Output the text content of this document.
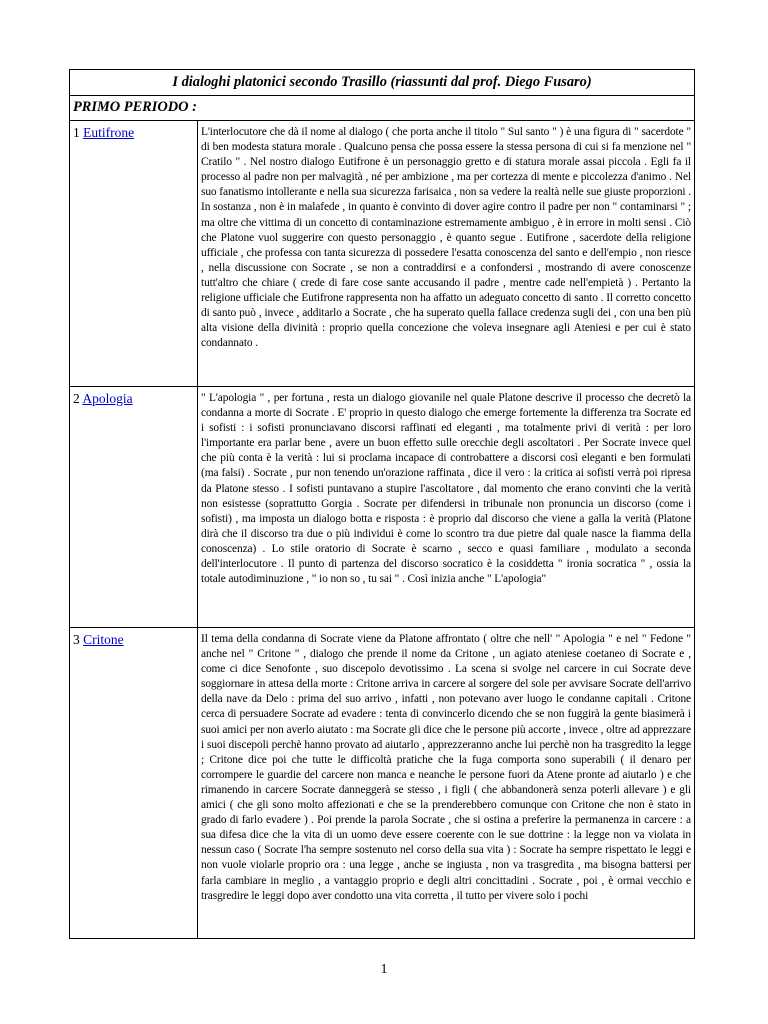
I dialoghi platonici secondo Trasillo (riassunti dal prof. Diego Fusaro)
PRIMO PERIODO :
1 Eutifrone	L'interlocutore che dà il nome al dialogo ( che porta anche il titolo " Sul santo " ) è una figura di " sacerdote " di ben modesta statura morale . Qualcuno pensa che possa essere la stessa persona di cui si fa menzione nel " Cratilo " . Nel nostro dialogo Eutifrone è un personaggio gretto e di statura morale assai piccola . Egli fa il processo al padre non per malvagità , né per ambizione , ma per cortezza di mente e piccolezza d'animo . Nel suo fanatismo intollerante e nella sua sicurezza farisaica , non sa vedere la realtà nelle sue giuste proporzioni . In sostanza , non è in malafede , in quanto è convinto di dover agire contro il padre per non " contaminarsi " ; ma oltre che vittima di un concetto di contaminazione estremamente ambiguo , è in errore in molti sensi . Ciò che Platone vuol suggerire con questo personaggio , è quanto segue . Eutifrone , sacerdote della religione ufficiale , che professa con tanta sicurezza di possedere l'esatta conoscenza del santo e dell'empio , non riesce , nella discussione con Socrate , se non a contraddirsi e a confondersi , mostrando di avere conoscenze tutt'altro che chiare ( crede di fare cose sante accusando il padre , mentre cade nell'empietà ) . Pertanto la religione ufficiale che Eutifrone rappresenta non ha affatto un adeguato concetto di santo . Il corretto concetto di santo può , invece , additarlo a Socrate , che ha superato quella fallace credenza sugli dei , con una ben più alta visione della divinità : proprio quella concezione che voleva insegnare agli Ateniesi e per cui è stato condannato .
2 Apologia	" L'apologia " , per fortuna , resta un dialogo giovanile nel quale Platone descrive il processo che decretò la condanna a morte di Socrate . E' proprio in questo dialogo che emerge fortemente la differenza tra Socrate ed i sofisti : i sofisti pronunciavano discorsi raffinati ed eleganti , ma totalmente privi di verità : per loro l'importante era parlar bene , avere un buon effetto sulle orecchie degli ascoltatori . Per Socrate invece quel che più conta è la verità : lui si proclama incapace di controbattere a discorsi così eleganti e ben formulati (ma falsi) . Socrate , pur non tenendo un'orazione raffinata , dice il vero : la critica ai sofisti verrà poi ripresa da Platone stesso . I sofisti puntavano a stupire l'ascoltatore , dal momento che erano convinti che la verità non esistesse (soprattutto Gorgia . Socrate per difendersi in tribunale non pronuncia un discorso (come i sofisti) , ma imposta un dialogo botta e risposta : è proprio dal discorso che viene a galla la verità (Platone dirà che il discorso tra due o più individui è come lo scontro tra due pietre dal quale nasce la fiamma della conoscenza) . Lo stile oratorio di Socrate è scarno , secco e quasi familiare , modulato a seconda dell'interlocutore . Il punto di partenza del discorso socratico è la cosiddetta " ironia socratica " , ossia la totale autodiminuzione , " io non so , tu sai " . Così inizia anche " L'apologia"
3 Critone	Il tema della condanna di Socrate viene da Platone affrontato ( oltre che nell' " Apologia " e nel " Fedone " anche nel " Critone " , dialogo che prende il nome da Critone , un agiato ateniese coetaneo di Socrate e , come ci dice Senofonte , suo discepolo devotissimo . La scena si svolge nel carcere in cui Socrate deve soggiornare in attesa della morte : Critone arriva in carcere al sorgere del sole per avvisare Socrate dell'arrivo della nave da Delo : prima del suo arrivo , infatti , non potevano aver luogo le condanne capitali . Critone cerca di persuadere Socrate ad evadere : tenta di convincerlo dicendo che se non fuggirà la gente biasimerà i suoi amici per non averlo aiutato : ma Socrate gli dice che le persone più accorte , invece , oltre ad apprezzare i suoi discepoli perchè hanno provato ad aiutarlo , apprezzeranno anche lui perchè non ha trasgredito la legge ; Critone dice poi che tutte le difficoltà pratiche che la fuga comporta sono superabili ( il denaro per corrompere le guardie del carcere non manca e neanche le persone fuori da Atene pronte ad aiutarlo ) e che rimanendo in carcere Socrate danneggerà se stesso , i figli ( che abbandonerà senza poterli allevare ) e gli amici ( che gli sono molto affezionati e che se la prenderebbero comunque con Critone che non è stato in grado di farlo evadere ) . Poi prende la parola Socrate , che si ostina a preferire la permanenza in carcere : a sua difesa dice che la vita di un uomo deve essere coerente con le sue dottrine : la legge non va violata in nessun caso ( Socrate l'ha sempre sostenuto nel corso della sua vita ) : Socrate ha sempre rispettato le leggi e non vuole violarle proprio ora : una legge , anche se ingiusta , non va trasgredita , ma bisogna battersi per farla cambiare in meglio , a vantaggio proprio e degli altri concittadini . Socrate , poi , è ormai vecchio e trasgredire le leggi dopo aver condotto una vita corretta , il tutto per vivere solo i pochi
1
